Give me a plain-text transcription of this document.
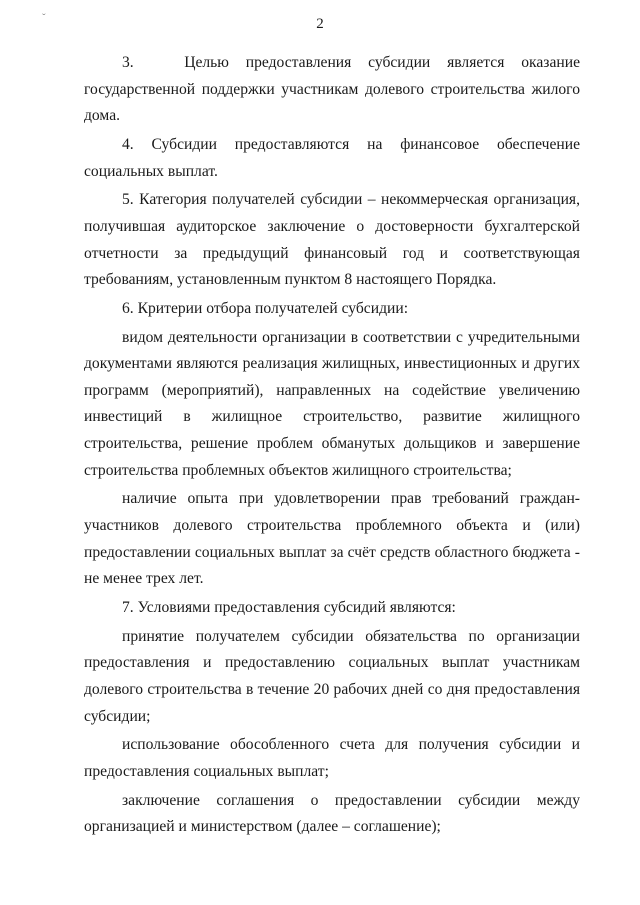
ˇ	2

3.   Целью предоставления субсидии является оказание государственной поддержки участникам долевого строительства жилого дома.

4. Субсидии предоставляются на финансовое обеспечение социальных выплат.

5. Категория получателей субсидии – некоммерческая организация, получившая аудиторское заключение о достоверности бухгалтерской отчетности за предыдущий финансовый год и соответствующая требованиям, установленным пунктом 8 настоящего Порядка.

6. Критерии отбора получателей субсидии:

видом деятельности организации в соответствии с учредительными документами являются реализация жилищных, инвестиционных и других программ (мероприятий), направленных на содействие увеличению инвестиций в жилищное строительство, развитие жилищного строительства, решение проблем обманутых дольщиков и завершение строительства проблемных объектов жилищного строительства;

наличие опыта при удовлетворении прав требований граждан-участников долевого строительства проблемного объекта и (или) предоставлении социальных выплат за счёт средств областного бюджета - не менее трех лет.

7. Условиями предоставления субсидий являются:

принятие получателем субсидии обязательства по организации предоставления и предоставлению социальных выплат участникам долевого строительства в течение 20 рабочих дней со дня предоставления субсидии;

использование обособленного счета для получения субсидии и предоставления социальных выплат;

заключение соглашения о предоставлении субсидии между организацией и министерством (далее – соглашение);
